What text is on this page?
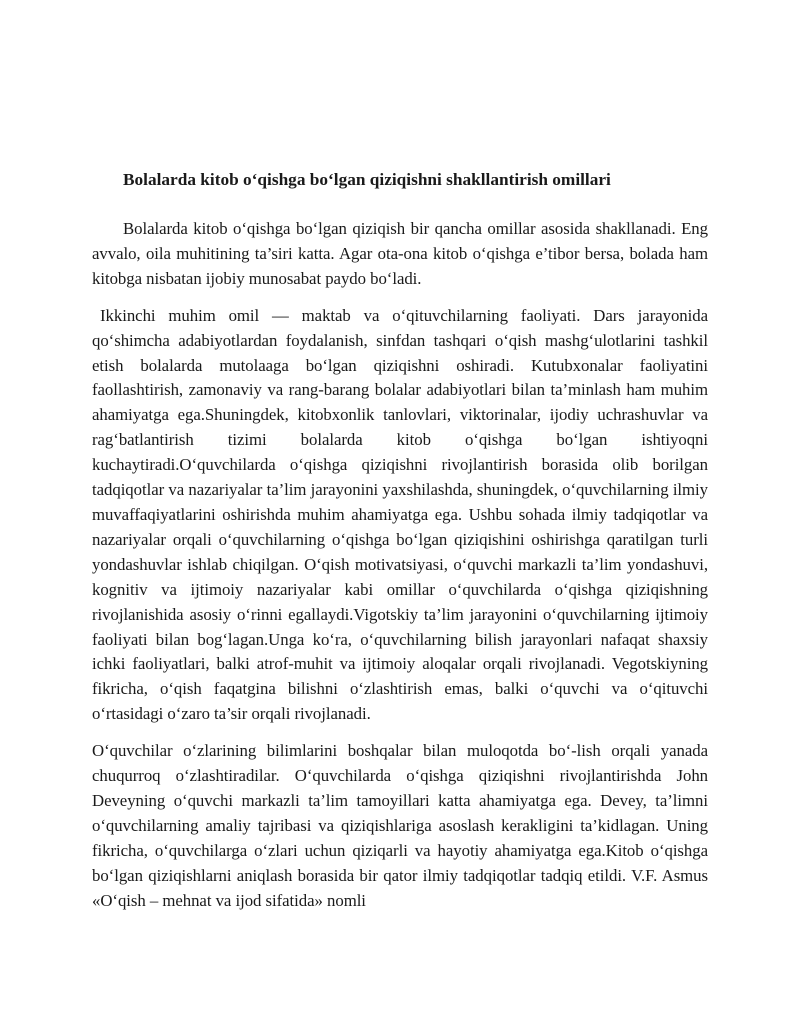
Bolalarda kitob o‘qishga bo‘lgan qiziqishni shakllantirish omillari

Bolalarda kitob o‘qishga bo‘lgan qiziqish bir qancha omillar asosida shakllanadi. Eng avvalo, oila muhitining ta’siri katta. Agar ota-ona kitob o‘qishga e’tibor bersa, bolada ham kitobga nisbatan ijobiy munosabat paydo bo‘ladi.

Ikkinchi muhim omil — maktab va o‘qituvchilarning faoliyati. Dars jarayonida qo‘shimcha adabiyotlardan foydalanish, sinfdan tashqari o‘qish mashg‘ulotlarini tashkil etish bolalarda mutolaaga bo‘lgan qiziqishni oshiradi. Kutubxonalar faoliyatini faollashtirish, zamonaviy va rang-barang bolalar adabiyotlari bilan ta’minlash ham muhim ahamiyatga ega.Shuningdek, kitobxonlik tanlovlari, viktorinalar, ijodiy uchrashuvlar va rag‘batlantirish tizimi bolalarda kitob o‘qishga bo‘lgan ishtiyoqni kuchaytiradi.O‘quvchilarda o‘qishga qiziqishni rivojlantirish borasida olib borilgan tadqiqotlar va nazariyalar ta’lim jarayonini yaxshilashda, shuningdek, o‘quvchilarning ilmiy muvaffaqiyatlarini oshirishda muhim ahamiyatga ega. Ushbu sohada ilmiy tadqiqotlar va nazariyalar orqali o‘quvchilarning o‘qishga bo‘lgan qiziqishini oshirishga qaratilgan turli yondashuvlar ishlab chiqilgan. O‘qish motivatsiyasi, o‘quvchi markazli ta’lim yondashuvi, kognitiv va ijtimoiy nazariyalar kabi omillar o‘quvchilarda o‘qishga qiziqishning rivojlanishida asosiy o‘rinni egallaydi.Vigotskiy ta’lim jarayonini o‘quvchilarning ijtimoiy faoliyati bilan bog‘lagan.Unga ko‘ra, o‘quvchilarning bilish jarayonlari nafaqat shaxsiy ichki faoliyatlari, balki atrof-muhit va ijtimoiy aloqalar orqali rivojlanadi. Vegotskiyning fikricha, o‘qish faqatgina bilishni o‘zlashtirish emas, balki o‘quvchi va o‘qituvchi o‘rtasidagi o‘zaro ta’sir orqali rivojlanadi.

O‘quvchilar o‘zlarining bilimlarini boshqalar bilan muloqotda bo‘-lish orqali yanada chuqurroq o‘zlashtiradilar. O‘quvchilarda o‘qishga qiziqishni rivojlantirishda John Deveyning o‘quvchi markazli ta’lim tamoyillari katta ahamiyatga ega. Devey, ta’limni o‘quvchilarning amaliy tajribasi va qiziqishlariga asoslash kerakligini ta’kidlagan. Uning fikricha, o‘quvchilarga o‘zlari uchun qiziqarli va hayotiy ahamiyatga ega.Kitob o‘qishga bo‘lgan qiziqishlarni aniqlash borasida bir qator ilmiy tadqiqotlar tadqiq etildi. V.F. Asmus «O‘qish – mehnat va ijod sifatida» nomli
